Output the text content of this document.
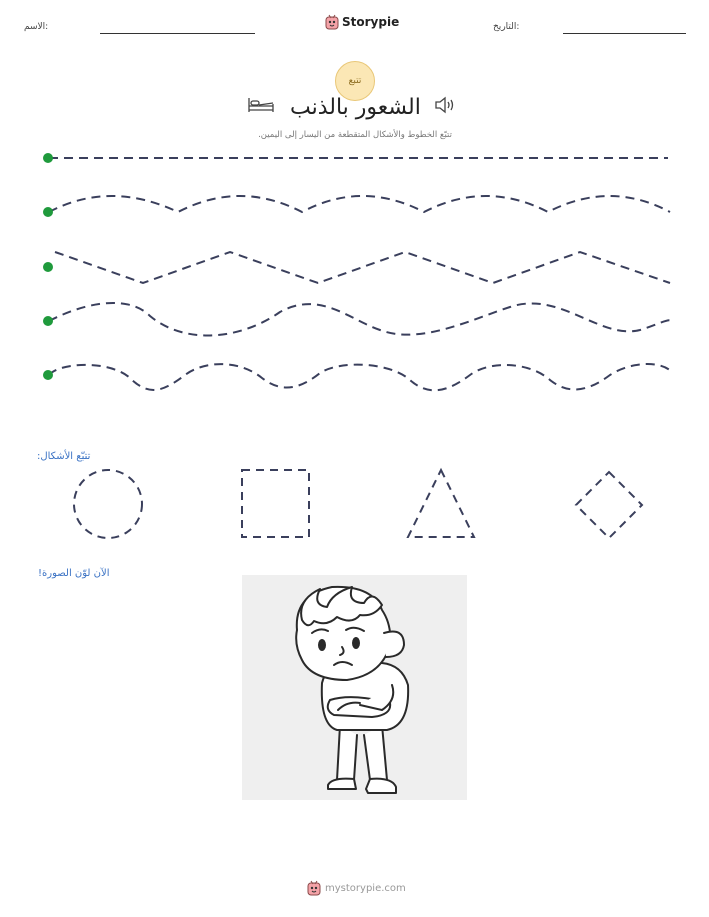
الاسم:	Storypie	التاريخ:
تتبع
الشعور بالذنب
تتبّع الخطوط والأشكال المتقطعة من اليسار إلى اليمين.
تتبّع الأشكال:
الآن لوّن الصورة!
mystorypie.com
